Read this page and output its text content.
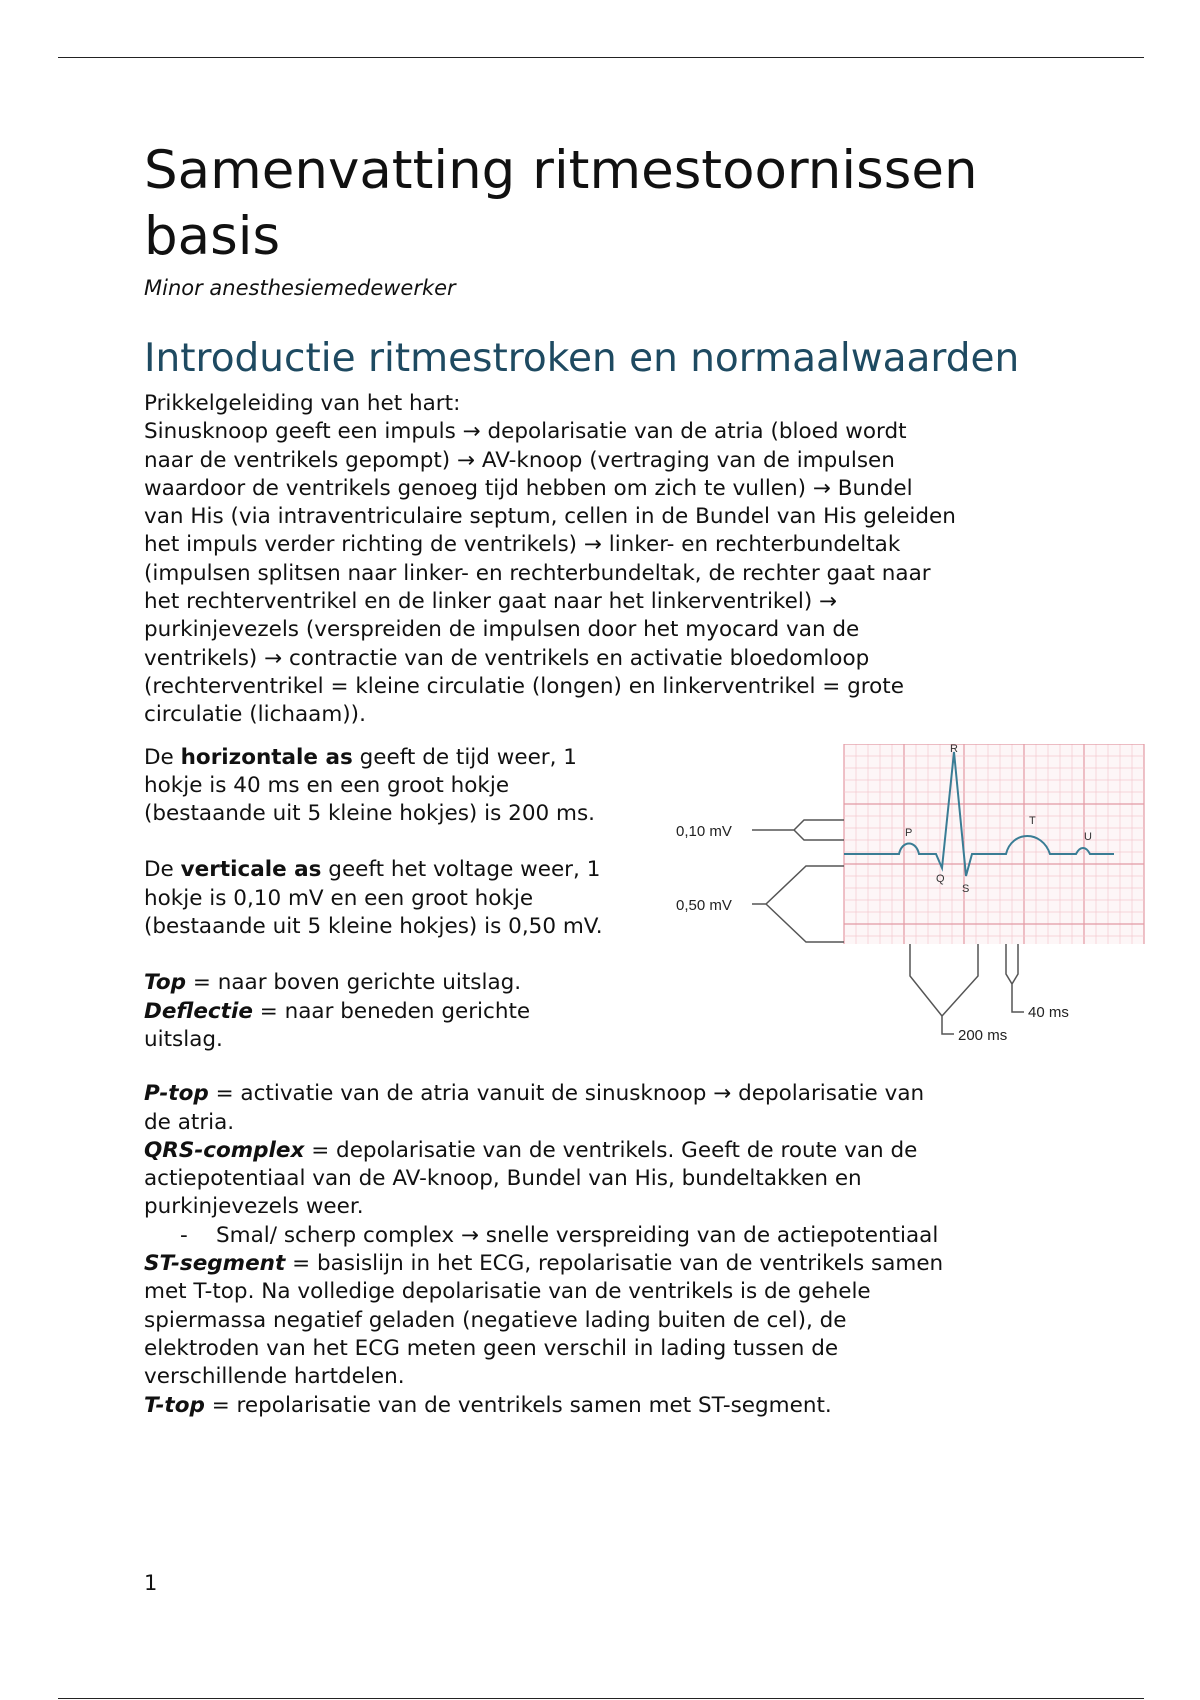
Samenvatting ritmestoornissen basis
Minor anesthesiemedewerker
Introductie ritmestroken en normaalwaarden

Prikkelgeleiding van het hart:

Sinusknoop geeft een impuls → depolarisatie van de atria (bloed wordt

naar de ventrikels gepompt) → AV-knoop (vertraging van de impulsen

waardoor de ventrikels genoeg tijd hebben om zich te vullen) → Bundel

van His (via intraventriculaire septum, cellen in de Bundel van His geleiden

het impuls verder richting de ventrikels) → linker- en rechterbundeltak

(impulsen splitsen naar linker- en rechterbundeltak, de rechter gaat naar

het rechterventrikel en de linker gaat naar het linkerventrikel) →

purkinjevezels (verspreiden de impulsen door het myocard van de

ventrikels) → contractie van de ventrikels en activatie bloedomloop

(rechterventrikel = kleine circulatie (longen) en linkerventrikel = grote

circulatie (lichaam)).

De horizontale as geeft de tijd weer, 1

hokje is 40 ms en een groot hokje

(bestaande uit 5 kleine hokjes) is 200 ms.

De verticale as geeft het voltage weer, 1

hokje is 0,10 mV en een groot hokje

(bestaande uit 5 kleine hokjes) is 0,50 mV.

Top = naar boven gerichte uitslag.

Deflectie = naar beneden gerichte

uitslag.

0,10 mV
0,50 mV
40 ms
200 ms
P
R
Q
S
T
U

P-top = activatie van de atria vanuit de sinusknoop → depolarisatie van

de atria.

QRS-complex = depolarisatie van de ventrikels. Geeft de route van de

actiepotentiaal van de AV-knoop, Bundel van His, bundeltakken en

purkinjevezels weer.

- Smal/ scherp complex → snelle verspreiding van de actiepotentiaal

ST-segment = basislijn in het ECG, repolarisatie van de ventrikels samen

met T-top. Na volledige depolarisatie van de ventrikels is de gehele

spiermassa negatief geladen (negatieve lading buiten de cel), de

elektroden van het ECG meten geen verschil in lading tussen de

verschillende hartdelen.

T-top = repolarisatie van de ventrikels samen met ST-segment.

1
